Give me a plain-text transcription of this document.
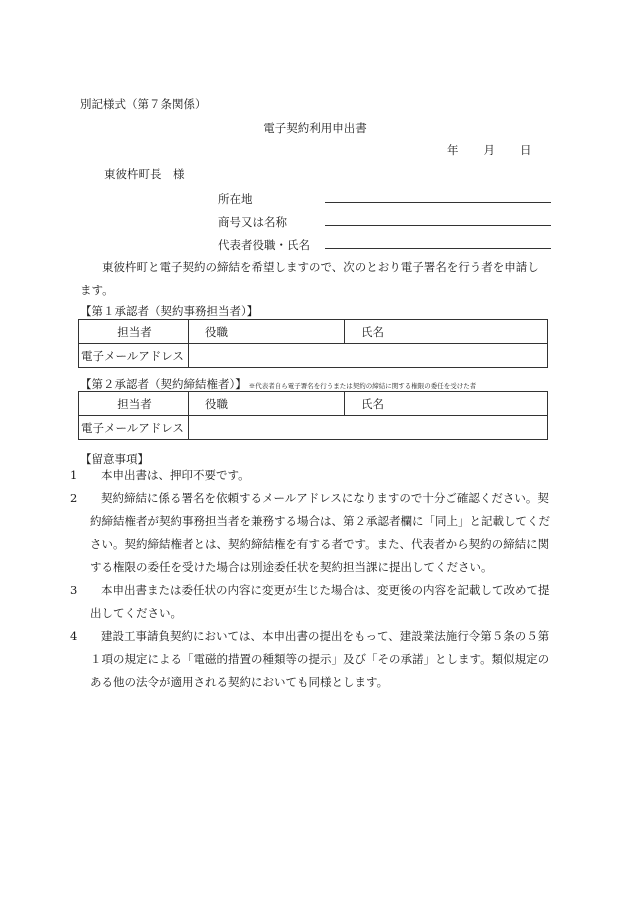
別記様式（第７条関係）
電子契約利用申出書
年 月 日
東彼杵町長　様
所在地
商号又は名称
代表者役職・氏名
東彼杵町と電子契約の締結を希望しますので、次のとおり電子署名を行う者を申請します。
【第１承認者（契約事務担当者）】
担当者	役職	氏名
電子メールアドレス		
【第２承認者（契約締結権者）】 ※代表者自ら電子署名を行うまたは契約の締結に関する権限の委任を受けた者
担当者	役職	氏名
電子メールアドレス		
【留意事項】
1 本申出書は、押印不要です。
2 契約締結に係る署名を依頼するメールアドレスになりますので十分ご確認ください。契約締結権者が契約事務担当者を兼務する場合は、第２承認者欄に「同上」と記載してください。契約締結権者とは、契約締結権を有する者です。また、代表者から契約の締結に関する権限の委任を受けた場合は別途委任状を契約担当課に提出してください。
3 本申出書または委任状の内容に変更が生じた場合は、変更後の内容を記載して改めて提出してください。
4 建設工事請負契約においては、本申出書の提出をもって、建設業法施行令第５条の５第１項の規定による「電磁的措置の種類等の提示」及び「その承諾」とします。類似規定のある他の法令が適用される契約においても同様とします。
